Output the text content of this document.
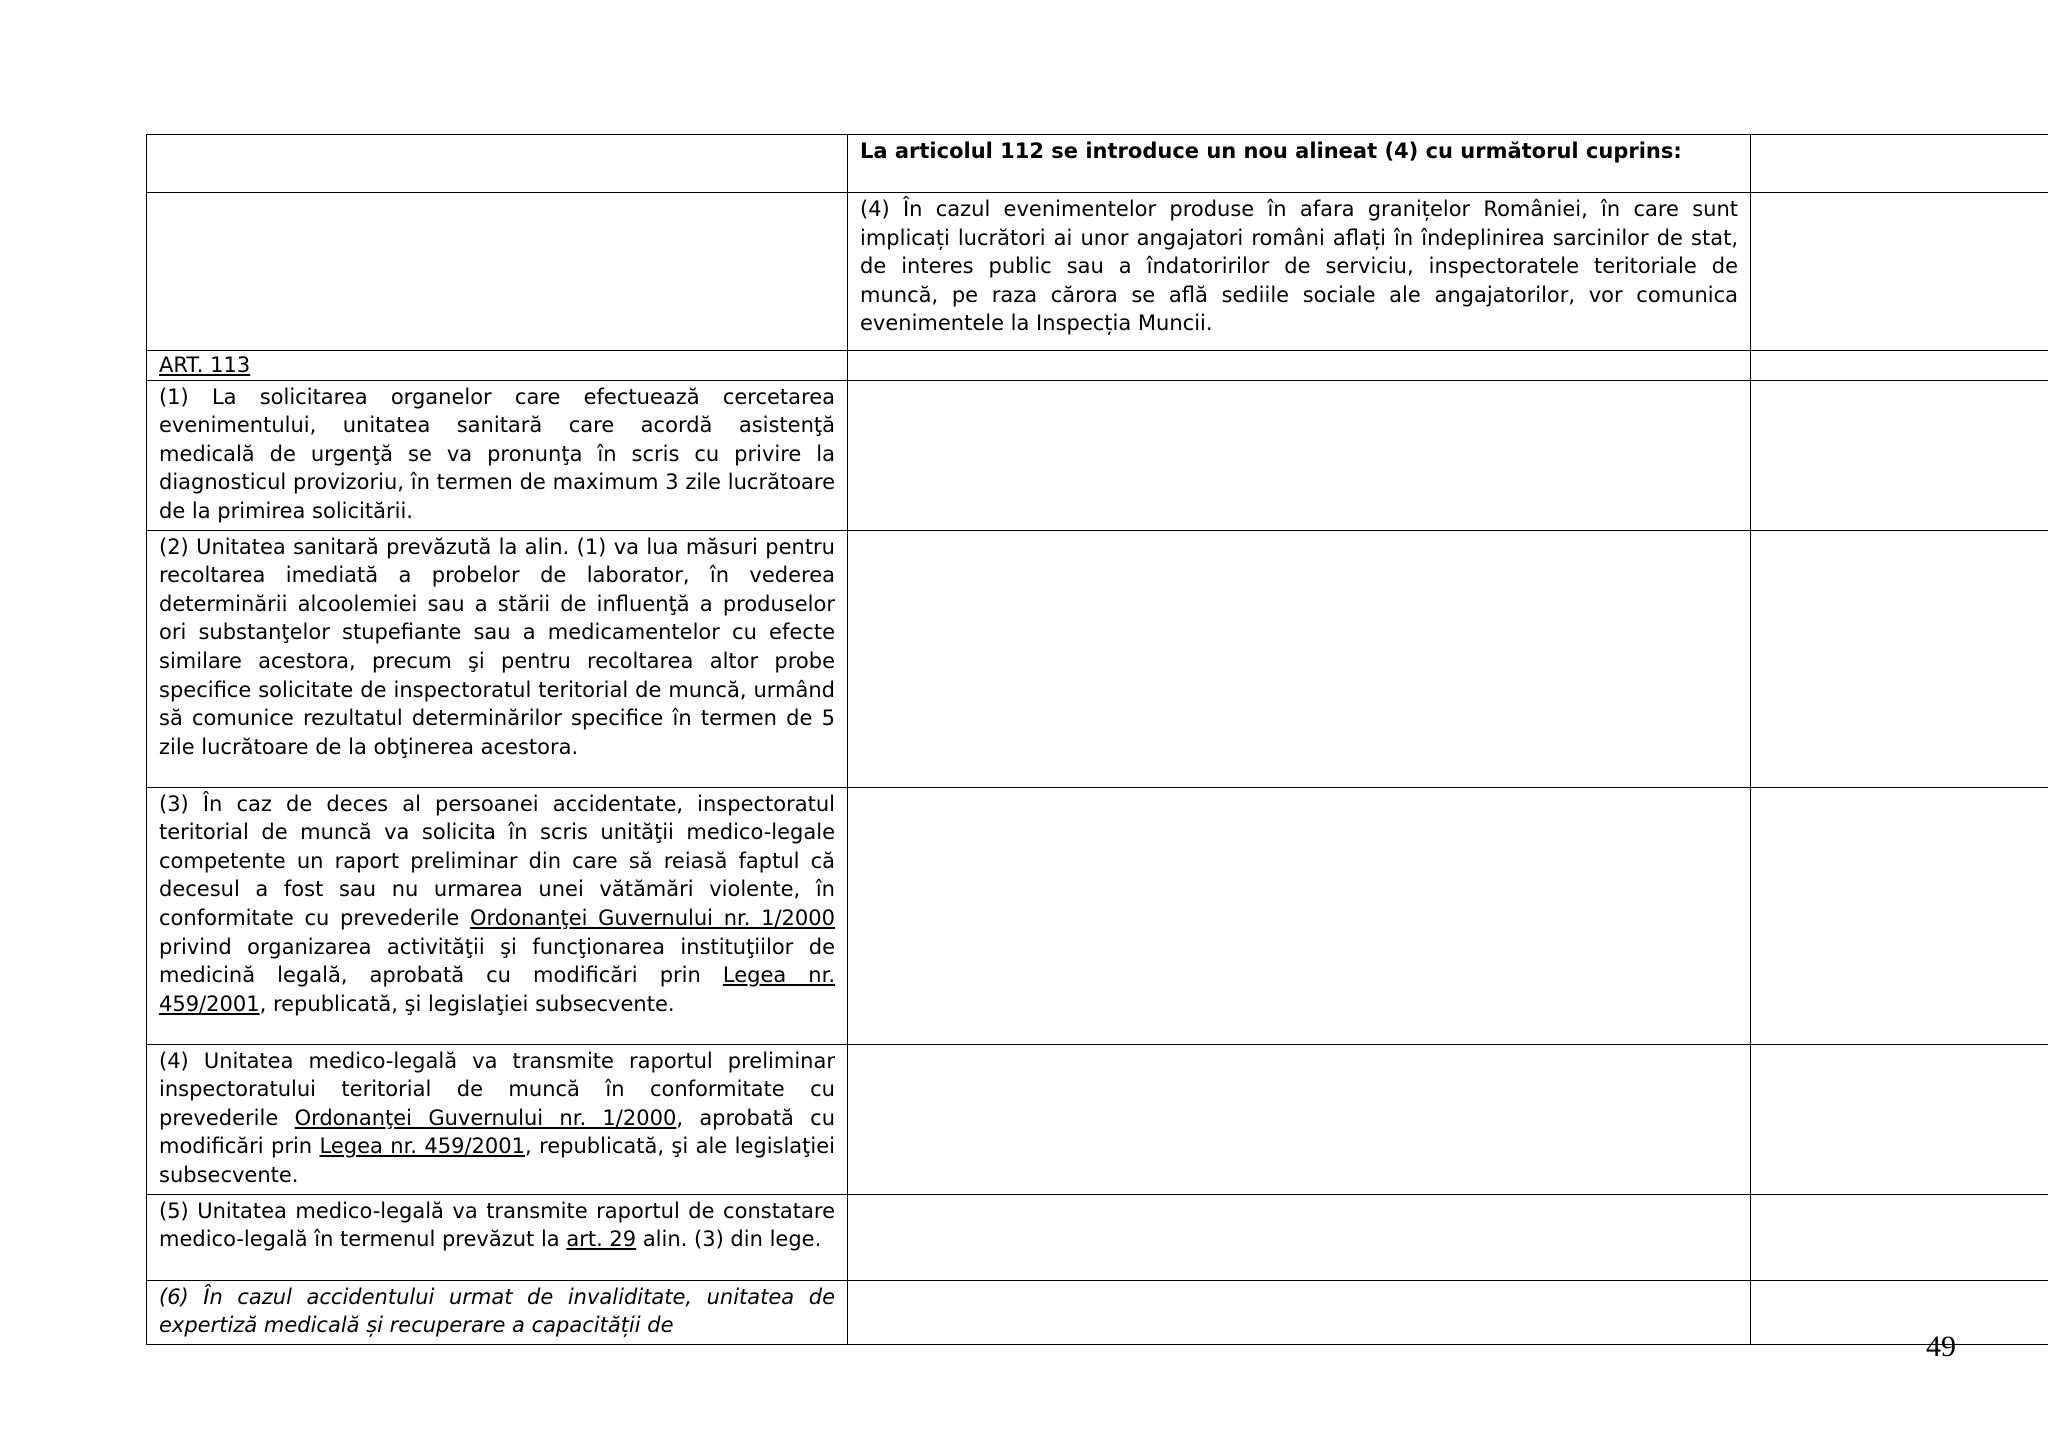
	La articolul 112 se introduce un nou alineat (4) cu următorul cuprins:	
	(4) În cazul evenimentelor produse în afara granițelor României, în care sunt implicați lucrători ai unor angajatori români aflați în îndeplinirea sarcinilor de stat, de interes public sau a îndatoririlor de serviciu, inspectoratele teritoriale de muncă, pe raza cărora se află sediile sociale ale angajatorilor, vor comunica evenimentele la Inspecția Muncii.	
ART. 113		
(1) La solicitarea organelor care efectuează cercetarea evenimentului, unitatea sanitară care acordă asistenţă medicală de urgenţă se va pronunţa în scris cu privire la diagnosticul provizoriu, în termen de maximum 3 zile lucrătoare de la primirea solicitării.		
(2) Unitatea sanitară prevăzută la alin. (1) va lua măsuri pentru recoltarea imediată a probelor de laborator, în vederea determinării alcoolemiei sau a stării de influenţă a produselor ori substanţelor stupefiante sau a medicamentelor cu efecte similare acestora, precum şi pentru recoltarea altor probe specifice solicitate de inspectoratul teritorial de muncă, urmând să comunice rezultatul determinărilor specifice în termen de 5 zile lucrătoare de la obţinerea acestora.		
(3) În caz de deces al persoanei accidentate, inspectoratul teritorial de muncă va solicita în scris unităţii medico-legale competente un raport preliminar din care să reiasă faptul că decesul a fost sau nu urmarea unei vătămări violente, în conformitate cu prevederile Ordonanţei Guvernului nr. 1/2000 privind organizarea activităţii şi funcţionarea instituţiilor de medicină legală, aprobată cu modificări prin Legea nr. 459/2001, republicată, şi legislaţiei subsecvente.		
(4) Unitatea medico-legală va transmite raportul preliminar inspectoratului teritorial de muncă în conformitate cu prevederile Ordonanţei Guvernului nr. 1/2000, aprobată cu modificări prin Legea nr. 459/2001, republicată, şi ale legislaţiei subsecvente.		
(5) Unitatea medico-legală va transmite raportul de constatare medico-legală în termenul prevăzut la art. 29 alin. (3) din lege.		
(6) În cazul accidentului urmat de invaliditate, unitatea de expertiză medicală și recuperare a capacității de		
49
